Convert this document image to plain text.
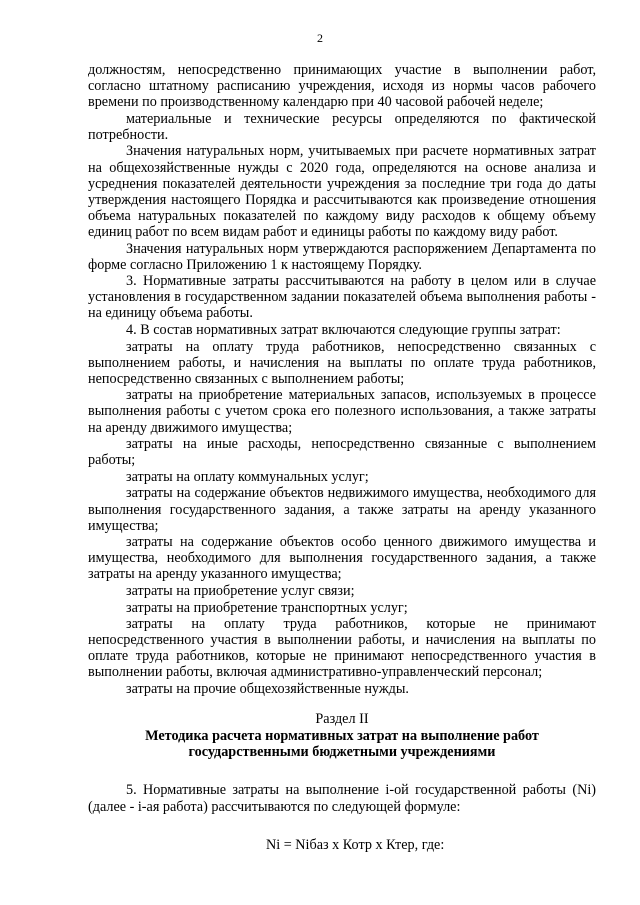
2

должностям, непосредственно принимающих участие в выполнении работ, согласно штатному расписанию учреждения, исходя из нормы часов рабочего времени по производственному календарю при 40 часовой рабочей неделе;

материальные и технические ресурсы определяются по фактической потребности.

Значения натуральных норм, учитываемых при расчете нормативных затрат на общехозяйственные нужды с 2020 года, определяются на основе анализа и усреднения показателей деятельности учреждения за последние три года до даты утверждения настоящего Порядка и рассчитываются как произведение отношения объема натуральных показателей по каждому виду расходов к общему объему единиц работ по всем видам работ и единицы работы по каждому виду работ.

Значения натуральных норм утверждаются распоряжением Департамента по форме согласно Приложению 1 к настоящему Порядку.

3. Нормативные затраты рассчитываются на работу в целом или в случае установления в государственном задании показателей объема выполнения работы - на единицу объема работы.

4. В состав нормативных затрат включаются следующие группы затрат:

затраты на оплату труда работников, непосредственно связанных с выполнением работы, и начисления на выплаты по оплате труда работников, непосредственно связанных с выполнением работы;

затраты на приобретение материальных запасов, используемых в процессе выполнения работы с учетом срока его полезного использования, а также затраты на аренду движимого имущества;

затраты на иные расходы, непосредственно связанные с выполнением работы;

затраты на оплату коммунальных услуг;

затраты на содержание объектов недвижимого имущества, необходимого для выполнения государственного задания, а также затраты на аренду указанного имущества;

затраты на содержание объектов особо ценного движимого имущества и имущества, необходимого для выполнения государственного задания, а также затраты на аренду указанного имущества;

затраты на приобретение услуг связи;

затраты на приобретение транспортных услуг;

затраты на оплату труда работников, которые не принимают непосредственного участия в выполнении работы, и начисления на выплаты по оплате труда работников, которые не принимают непосредственного участия в выполнении работы, включая административно-управленческий персонал;

затраты на прочие общехозяйственные нужды.

Раздел II
Методика расчета нормативных затрат на выполнение работ
государственными бюджетными учреждениями

5. Нормативные затраты на выполнение i-ой государственной работы (Ni) (далее - i-ая работа) рассчитываются по следующей формуле:

Ni = Niбаз х Котр х Ктер, где:
